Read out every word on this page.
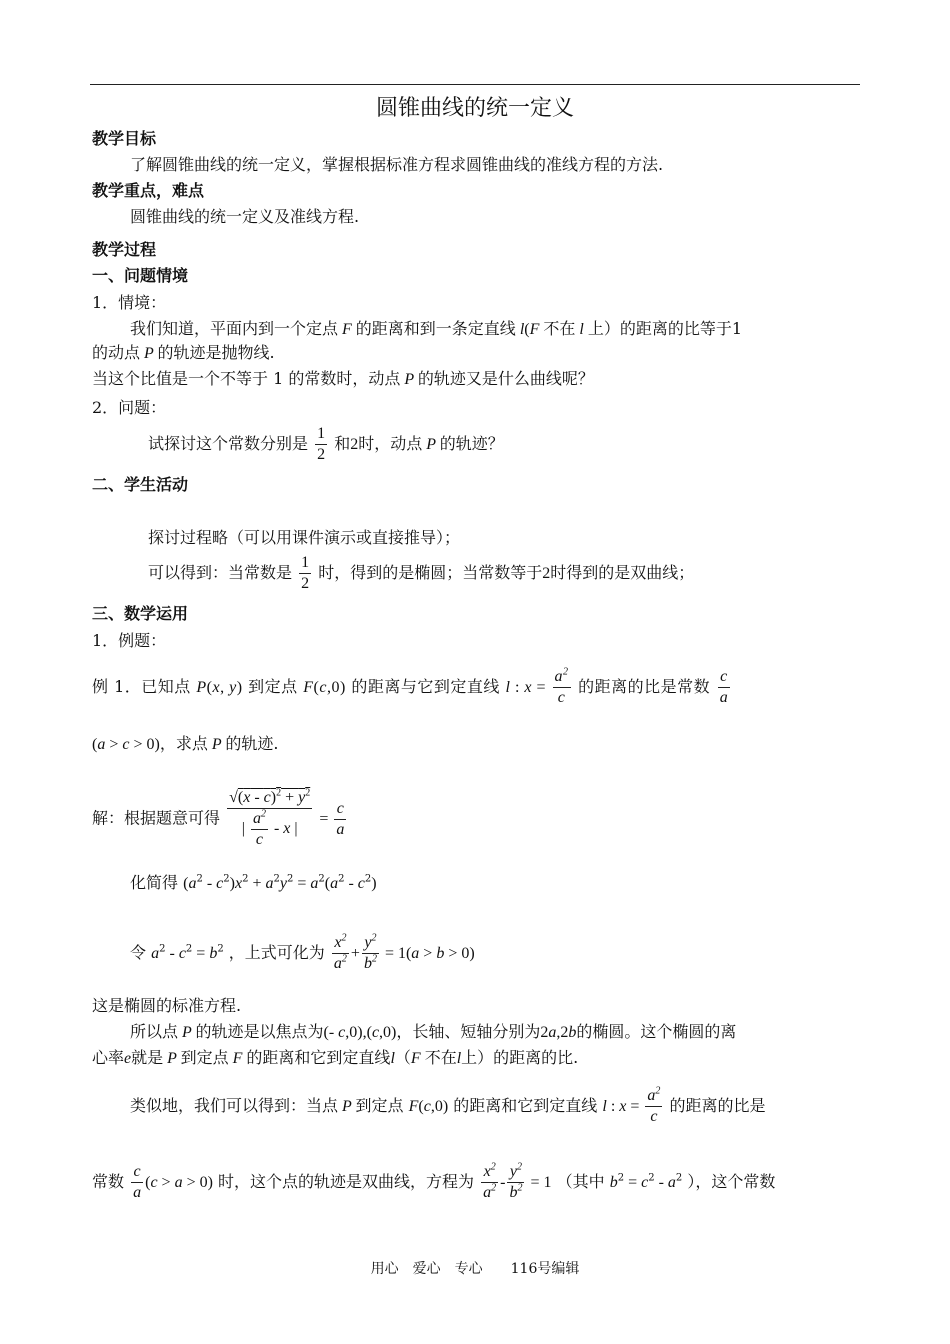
圆锥曲线的统一定义
教学目标
了解圆锥曲线的统一定义，掌握根据标准方程求圆锥曲线的准线方程的方法.
教学重点，难点
圆锥曲线的统一定义及准线方程.
教学过程
一、问题情境
1．情境：
我们知道，平面内到一个定点 F 的距离和到一条定直线 l(F 不在 l 上）的距离的比等于1
的动点 P 的轨迹是抛物线.
当这个比值是一个不等于 1 的常数时，动点 P 的轨迹又是什么曲线呢？
2．问题：
试探讨这个常数分别是 $\frac{1}{2}$ 和2时，动点 P 的轨迹？
二、学生活动
探讨过程略（可以用课件演示或直接推导）；
可以得到：当常数是 $\frac{1}{2}$ 时，得到的是椭圆；当常数等于2时得到的是双曲线；
三、数学运用
1．例题：
例 1．已知点 P(x, y) 到定点 F(c,0) 的距离与它到定直线 l : $x = \frac{a^2}{c}$ 的距离的比是常数 $\frac{c}{a}$
(a > c > 0)，求点 P 的轨迹.
解：根据题意可得 $\frac{√(x - c)^2 + y^2}{| \frac{a^2}{c} - x |} = \frac{c}{a}$
化简得 $(a^2 - c^2)x^2 + a^2y^2 = a^2(a^2 - c^2)$
令 $a^2 - c^2 = b^2$ ，上式可化为 $\frac{x^2}{a^2} + \frac{y^2}{b^2} = 1(a > b > 0)$
这是椭圆的标准方程.
所以点 P 的轨迹是以焦点为(- c,0),(c,0)，长轴、短轴分别为2a,2b的椭圆。这个椭圆的离
心率e就是 P 到定点 F 的距离和它到定直线l（F 不在l上）的距离的比.
类似地，我们可以得到：当点 P 到定点 F(c,0) 的距离和它到定直线 l : $x = \frac{a^2}{c}$ 的距离的比是
常数 $\frac{c}{a} (c > a > 0)$ 时，这个点的轨迹是双曲线，方程为 $\frac{x^2}{a^2} - \frac{y^2}{b^2} = 1$ （其中 $b^2 = c^2 - a^2$ ），这个常数
用心　爱心　专心　　116号编辑
